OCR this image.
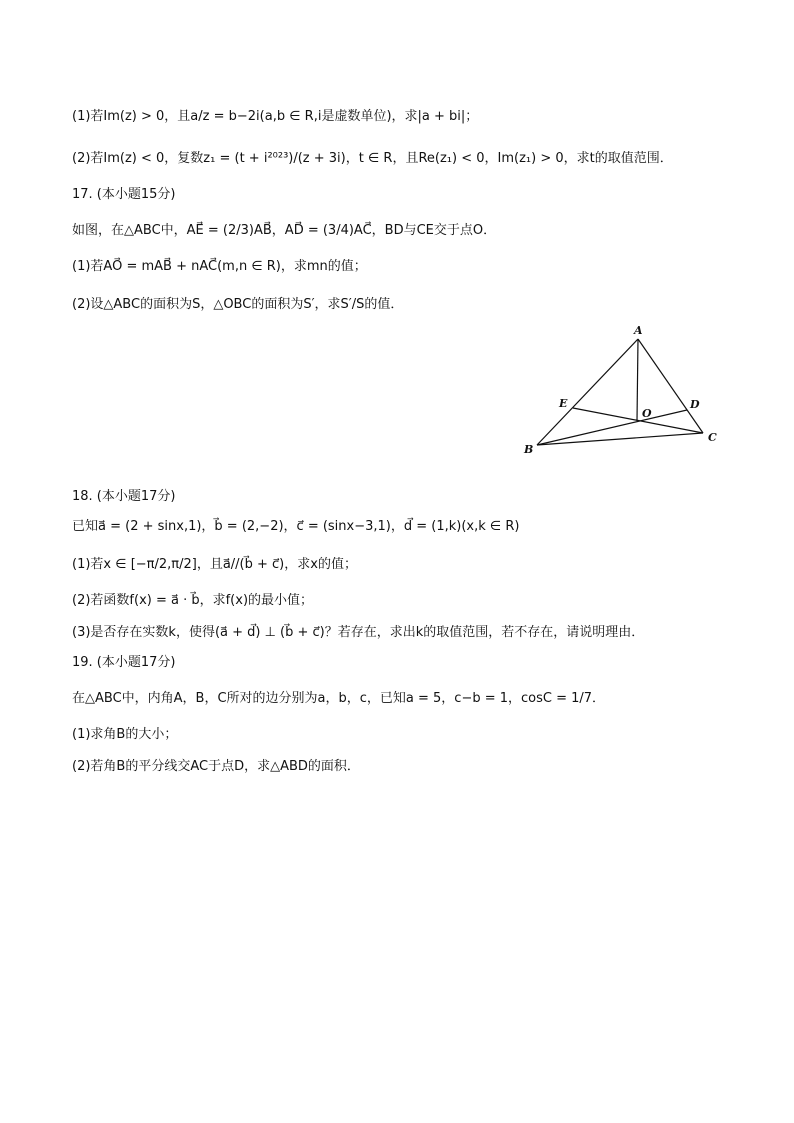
(1)若Im(z) > 0，且a/z = b−2i(a,b ∈ R,i是虚数单位)，求|a + bi|；
(2)若Im(z) < 0，复数z₁ = (t + i²⁰²³)/(z + 3i)，t ∈ R，且Re(z₁) < 0，Im(z₁) > 0，求t的取值范围．
17. (本小题15分)
如图，在△ABC中，AE⃗ = (2/3)AB⃗，AD⃗ = (3/4)AC⃗，BD与CE交于点O．
(1)若AO⃗ = mAB⃗ + nAC⃗(m,n ∈ R)，求mn的值；
(2)设△ABC的面积为S，△OBC的面积为S′，求S′/S的值．
A
B
C
D
E
O
18. (本小题17分)
已知a⃗ = (2 + sinx,1)，b⃗ = (2,−2)，c⃗ = (sinx−3,1)，d⃗ = (1,k)(x,k ∈ R)
(1)若x ∈ [−π/2,π/2]，且a⃗//(b⃗ + c⃗)，求x的值；
(2)若函数f(x) = a⃗ · b⃗，求f(x)的最小值；
(3)是否存在实数k，使得(a⃗ + d⃗) ⊥ (b⃗ + c⃗)？若存在，求出k的取值范围，若不存在，请说明理由．
19. (本小题17分)
在△ABC中，内角A，B，C所对的边分别为a，b，c，已知a = 5，c−b = 1，cosC = 1/7．
(1)求角B的大小；
(2)若角B的平分线交AC于点D，求△ABD的面积．
